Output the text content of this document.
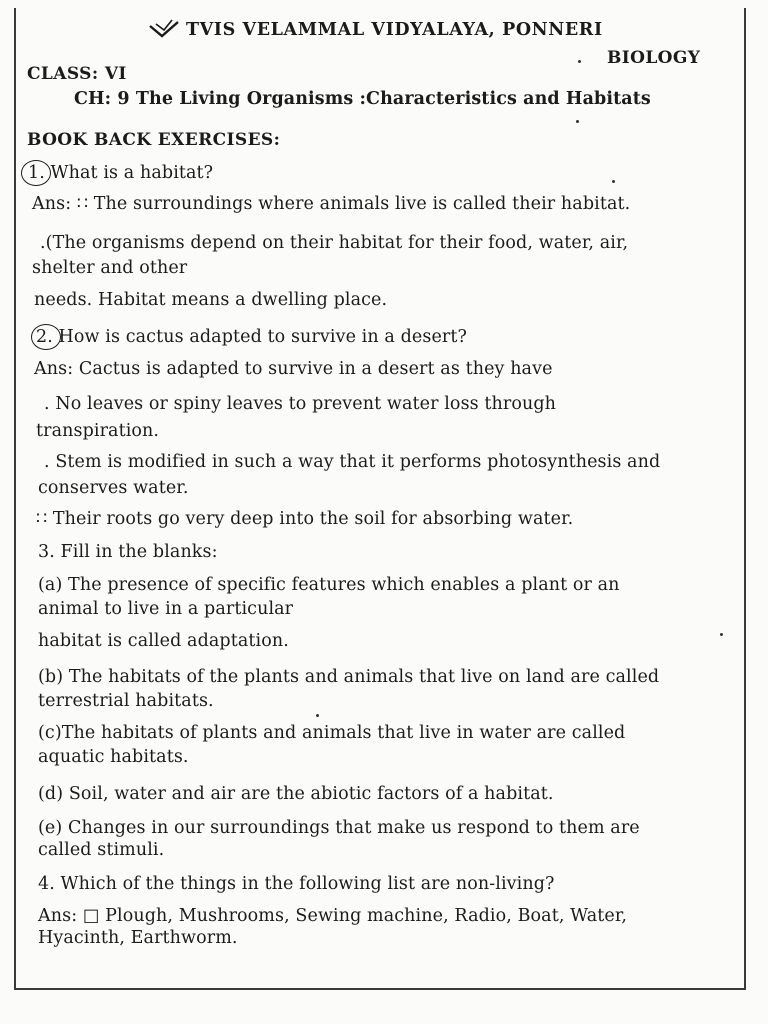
TVIS VELAMMAL VIDYALAYA, PONNERI
BIOLOGY
CLASS: VI
CH: 9 The Living Organisms :Characteristics and Habitats
BOOK BACK EXERCISES:
1. What is a habitat?
Ans: ∷ The surroundings where animals live is called their habitat.
.(The organisms depend on their habitat for their food, water, air,
shelter and other
needs. Habitat means a dwelling place.
2. How is cactus adapted to survive in a desert?
Ans: Cactus is adapted to survive in a desert as they have
. No leaves or spiny leaves to prevent water loss through
transpiration.
. Stem is modified in such a way that it performs photosynthesis and
conserves water.
∷ Their roots go very deep into the soil for absorbing water.
3. Fill in the blanks:
(a) The presence of specific features which enables a plant or an
animal to live in a particular
habitat is called adaptation.
(b) The habitats of the plants and animals that live on land are called
terrestrial habitats.
(c)The habitats of plants and animals that live in water are called
aquatic habitats.
(d) Soil, water and air are the abiotic factors of a habitat.
(e) Changes in our surroundings that make us respond to them are
called stimuli.
4. Which of the things in the following list are non-living?
Ans: □ Plough, Mushrooms, Sewing machine, Radio, Boat, Water,
Hyacinth, Earthworm.
